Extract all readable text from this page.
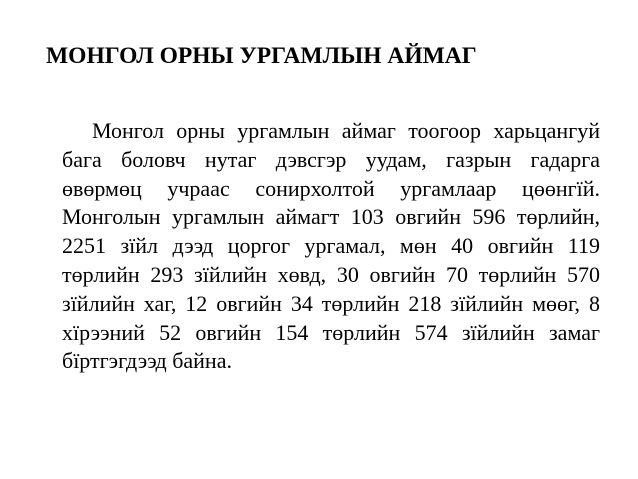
МОНГОЛ ОРНЫ УРГАМЛЫН АЙМАГ

Монгол орны ургамлын аймаг тоогоор харьцангуй бага боловч нутаг дэвсгэр уудам, газрын гадарга өвөрмөц учраас сонирхолтой ургамлаар цөөнгїй. Монголын ургамлын аймагт 103 овгийн 596 төрлийн, 2251 зїйл дээд цоргог ургамал, мөн 40 овгийн 119 төрлийн 293 зїйлийн хөвд, 30 овгийн 70 төрлийн 570 зїйлийн хаг, 12 овгийн 34 төрлийн 218 зїйлийн мөөг, 8 хїрээний 52 овгийн 154 төрлийн 574 зїйлийн замаг бїртгэгдээд байна.
